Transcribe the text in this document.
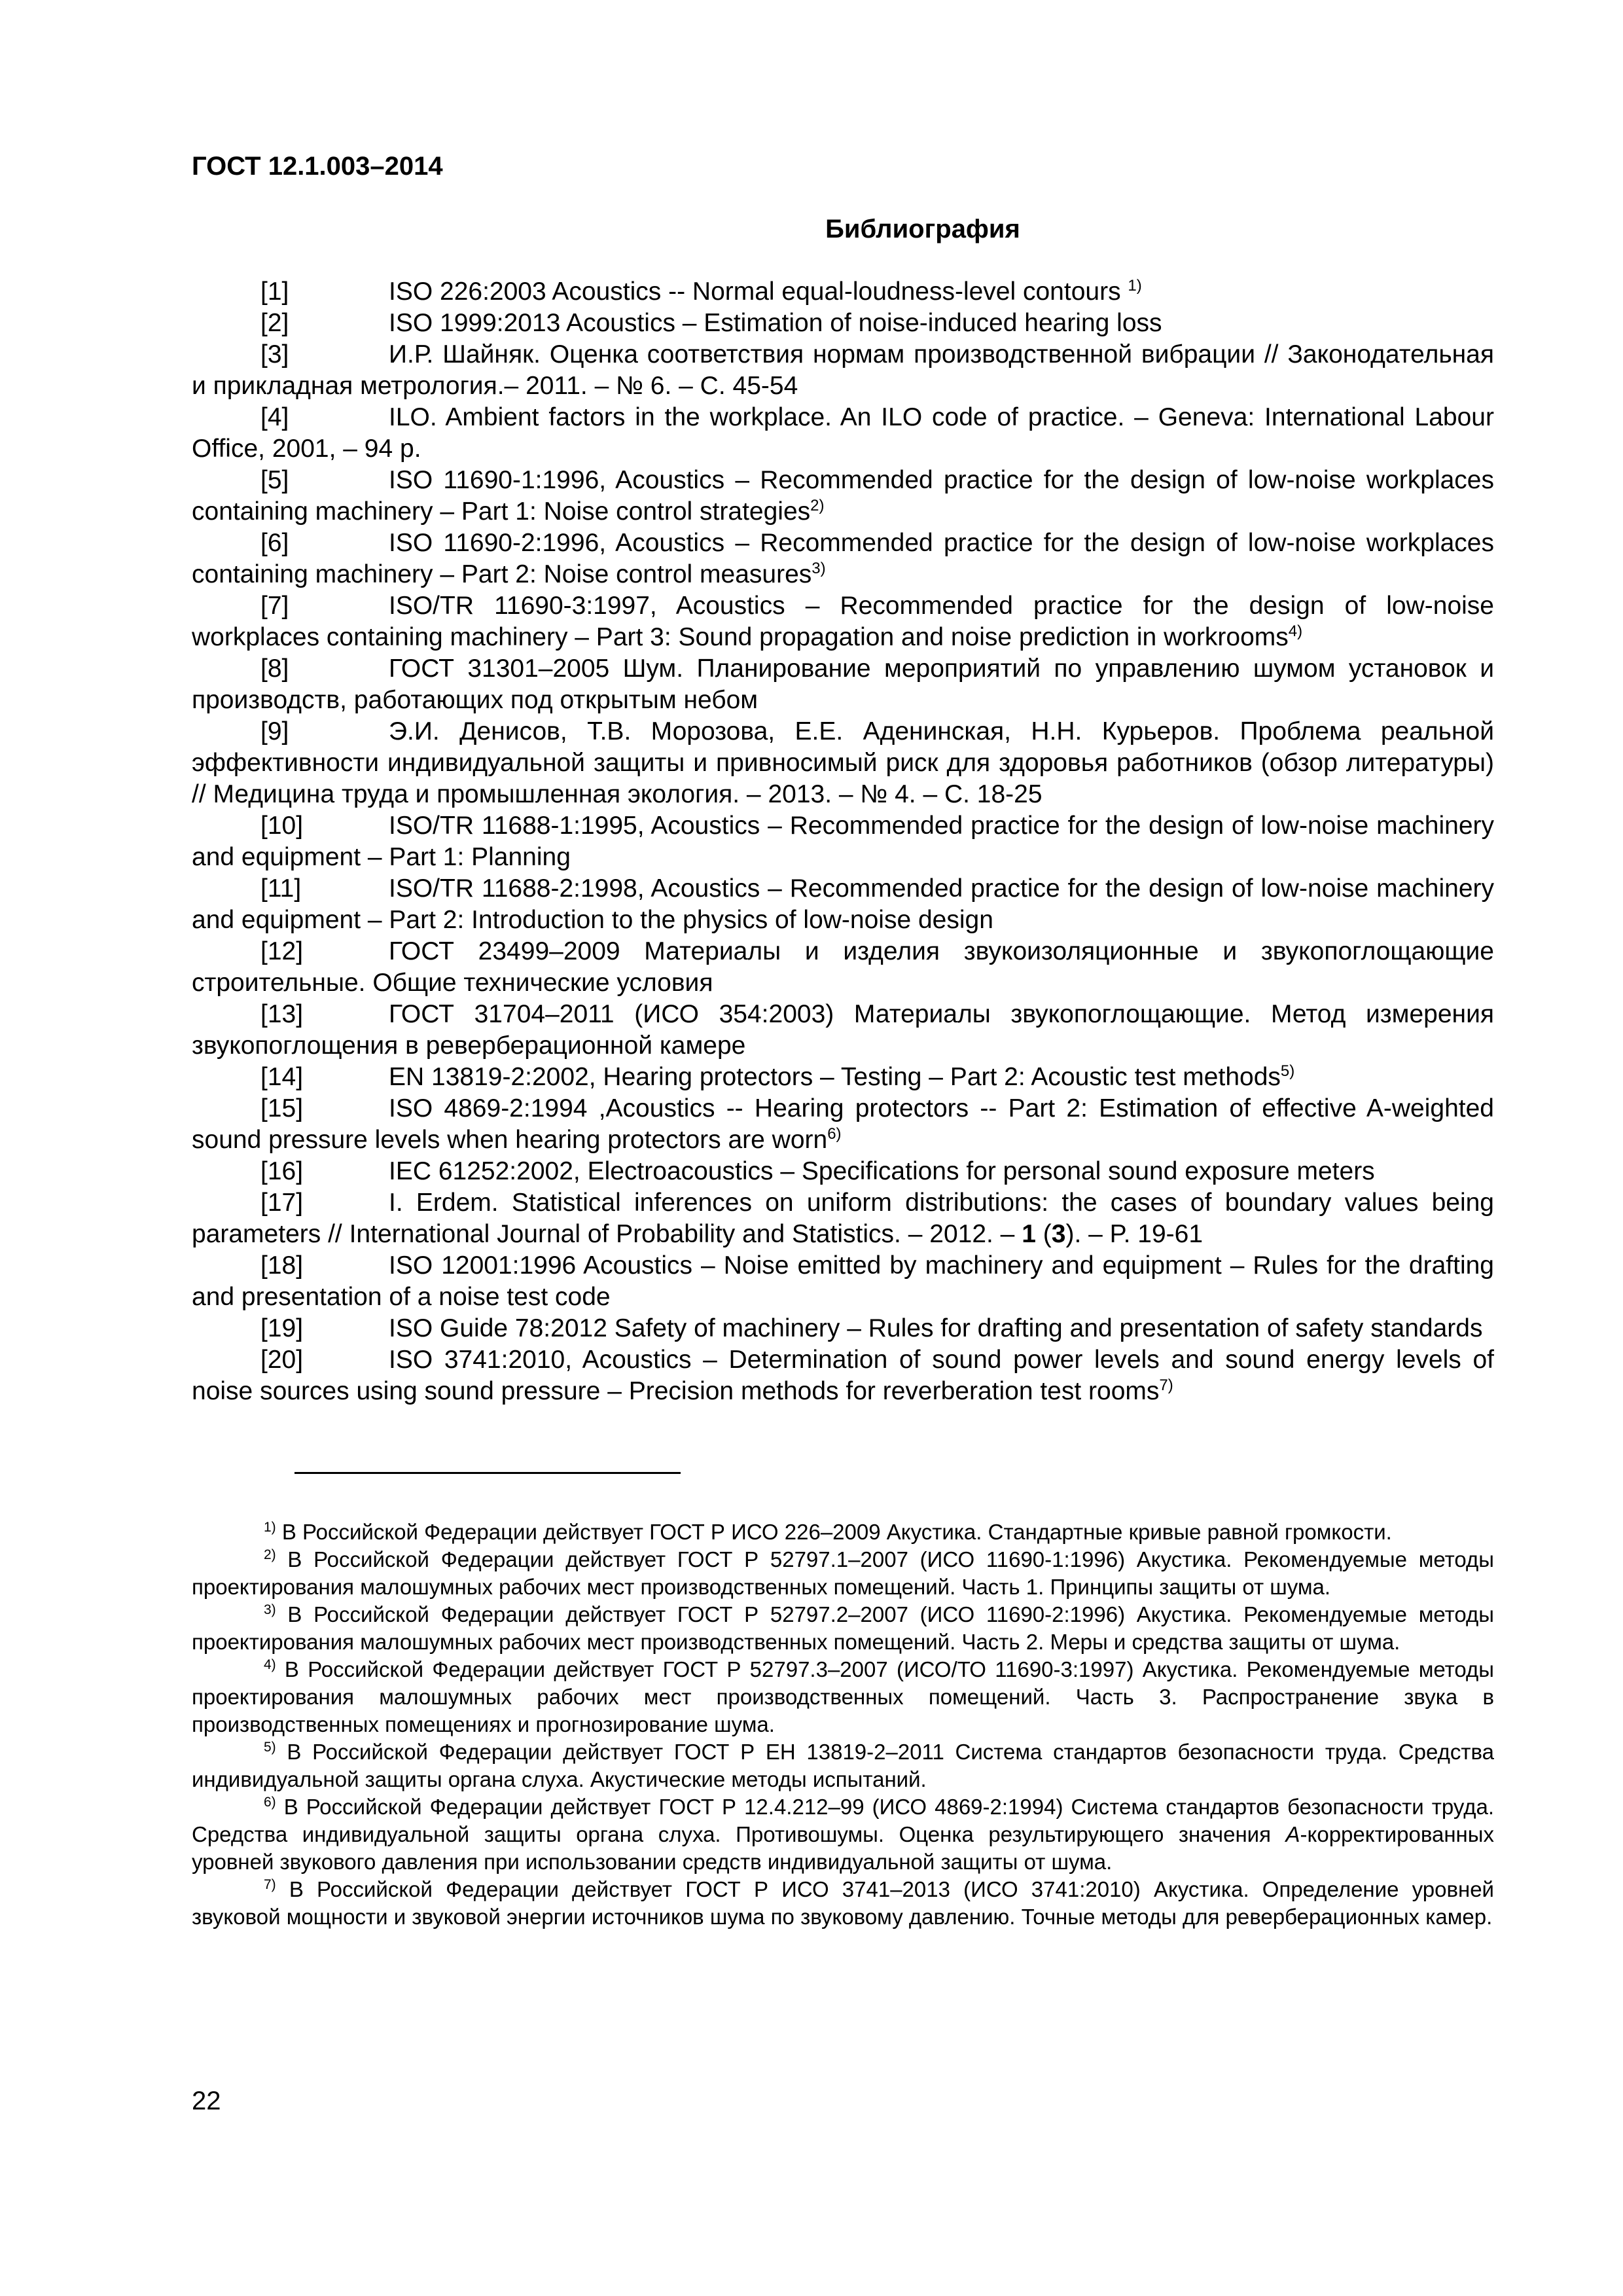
ГОСТ 12.1.003–2014
Библиография
[1]	ISO 226:2003 Acoustics -- Normal equal-loudness-level contours $^{1)}$
[2]	ISO 1999:2013 Acoustics – Estimation of noise-induced hearing loss
[3]	И.Р. Шайняк. Оценка соответствия нормам производственной вибрации // Законодательная и прикладная метрология.– 2011. – № 6. – С. 45-54
[4]	ILO. Ambient factors in the workplace. An ILO code of practice. – Geneva: International Labour Office, 2001, – 94 p.
[5]	ISO 11690-1:1996, Acoustics – Recommended practice for the design of low-noise workplaces containing machinery – Part 1: Noise control strategies$^{2)}$
[6]	ISO 11690-2:1996, Acoustics – Recommended practice for the design of low-noise workplaces containing machinery – Part 2: Noise control measures$^{3)}$
[7]	ISO/TR 11690-3:1997, Acoustics – Recommended practice for the design of low-noise workplaces containing machinery – Part 3: Sound propagation and noise prediction in workrooms$^{4)}$
[8]	ГОСТ 31301–2005 Шум. Планирование мероприятий по управлению шумом установок и производств, работающих под открытым небом
[9]	Э.И. Денисов, Т.В. Морозова, Е.Е. Аденинская, Н.Н. Курьеров. Проблема реальной эффективности индивидуальной защиты и привносимый риск для здоровья работников (обзор литературы) // Медицина труда и промышленная экология. – 2013. – № 4. – С. 18-25
[10]	ISO/TR 11688-1:1995, Acoustics – Recommended practice for the design of low-noise machinery and equipment – Part 1: Planning
[11]	ISO/TR 11688-2:1998, Acoustics – Recommended practice for the design of low-noise machinery and equipment – Part 2: Introduction to the physics of low-noise design
[12]	ГОСТ 23499–2009 Материалы и изделия звукоизоляционные и звукопоглощающие строительные. Общие технические условия
[13]	ГОСТ 31704–2011 (ИСО 354:2003) Материалы звукопоглощающие. Метод измерения звукопоглощения в реверберационной камере
[14]	EN 13819-2:2002, Hearing protectors – Testing – Part 2: Acoustic test methods$^{5)}$
[15]	ISO 4869-2:1994 ,Acoustics -- Hearing protectors -- Part 2: Estimation of effective A-weighted sound pressure levels when hearing protectors are worn$^{6)}$
[16]	IEC 61252:2002, Electroacoustics – Specifications for personal sound exposure meters
[17]	I. Erdem. Statistical inferences on uniform distributions: the cases of boundary values being parameters // International Journal of Probability and Statistics. – 2012. – 1 (3). – P. 19-61
[18]	ISO 12001:1996 Acoustics – Noise emitted by machinery and equipment – Rules for the drafting and presentation of a noise test code
[19]	ISO Guide 78:2012 Safety of machinery – Rules for drafting and presentation of safety standards
[20]	ISO 3741:2010, Acoustics – Determination of sound power levels and sound energy levels of noise sources using sound pressure – Precision methods for reverberation test rooms$^{7)}$
$^{1)}$ В Российской Федерации действует ГОСТ Р ИСО 226–2009 Акустика. Стандартные кривые равной громкости.
$^{2)}$ В Российской Федерации действует ГОСТ Р 52797.1–2007 (ИСО 11690-1:1996) Акустика. Рекомендуемые методы проектирования малошумных рабочих мест производственных помещений. Часть 1. Принципы защиты от шума.
$^{3)}$ В Российской Федерации действует ГОСТ Р 52797.2–2007 (ИСО 11690-2:1996) Акустика. Рекомендуемые методы проектирования малошумных рабочих мест производственных помещений. Часть 2. Меры и средства защиты от шума.
$^{4)}$ В Российской Федерации действует ГОСТ Р 52797.3–2007 (ИСО/ТО 11690-3:1997) Акустика. Рекомендуемые методы проектирования малошумных рабочих мест производственных помещений. Часть 3. Распространение звука в производственных помещениях и прогнозирование шума.
$^{5)}$ В Российской Федерации действует ГОСТ Р ЕН 13819-2–2011 Система стандартов безопасности труда. Средства индивидуальной защиты органа слуха. Акустические методы испытаний.
$^{6)}$ В Российской Федерации действует ГОСТ Р 12.4.212–99 (ИСО 4869-2:1994) Система стандартов безопасности труда. Средства индивидуальной защиты органа слуха. Противошумы. Оценка результирующего значения А-корректированных уровней звукового давления при использовании средств индивидуальной защиты от шума.
$^{7)}$ В Российской Федерации действует ГОСТ Р ИСО 3741–2013 (ИСО 3741:2010) Акустика. Определение уровней звуковой мощности и звуковой энергии источников шума по звуковому давлению. Точные методы для реверберационных камер.
22
